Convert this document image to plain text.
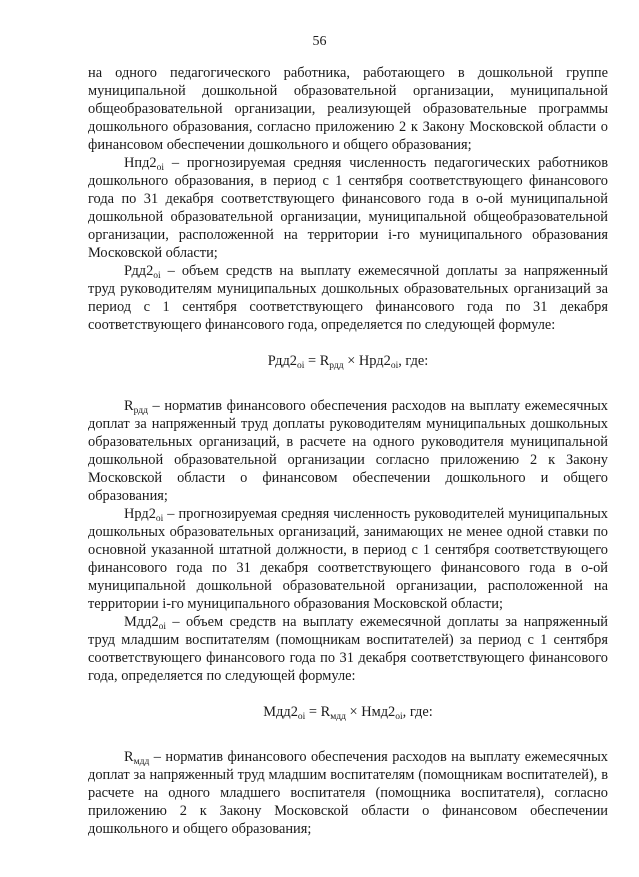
56

на одного педагогического работника, работающего в дошкольной группе муниципальной дошкольной образовательной организации, муниципальной общеобразовательной организации, реализующей образовательные программы дошкольного образования, согласно приложению 2 к Закону Московской области о финансовом обеспечении дошкольного и общего образования;

$Нпд2_{oi}$ – прогнозируемая средняя численность педагогических работников дошкольного образования, в период с 1 сентября соответствующего финансового года по 31 декабря соответствующего финансового года в о-ой муниципальной дошкольной образовательной организации, муниципальной общеобразовательной организации, расположенной на территории i-го муниципального образования Московской области;

$Рдд2_{oi}$ – объем средств на выплату ежемесячной доплаты за напряженный труд руководителям муниципальных дошкольных образовательных организаций за период с 1 сентября соответствующего финансового года по 31 декабря соответствующего финансового года, определяется по следующей формуле:

$Рдд2_{oi} = R_{рдд} \times Нрд2_{oi}$, где:

$R_{рдд}$ – норматив финансового обеспечения расходов на выплату ежемесячных доплат за напряженный труд доплаты руководителям муниципальных дошкольных образовательных организаций, в расчете на одного руководителя муниципальной дошкольной образовательной организации согласно приложению 2 к Закону Московской области о финансовом обеспечении дошкольного и общего образования;

$Нрд2_{oi}$ – прогнозируемая средняя численность руководителей муниципальных дошкольных образовательных организаций, занимающих не менее одной ставки по основной указанной штатной должности, в период с 1 сентября соответствующего финансового года по 31 декабря соответствующего финансового года в о-ой муниципальной дошкольной образовательной организации, расположенной на территории i-го муниципального образования Московской области;

$Мдд2_{oi}$ – объем средств на выплату ежемесячной доплаты за напряженный труд младшим воспитателям (помощникам воспитателей) за период с 1 сентября соответствующего финансового года по 31 декабря соответствующего финансового года, определяется по следующей формуле:

$Мдд2_{oi} = R_{мдд} \times Нмд2_{oi}$, где:

$R_{мдд}$ – норматив финансового обеспечения расходов на выплату ежемесячных доплат за напряженный труд младшим воспитателям (помощникам воспитателей), в расчете на одного младшего воспитателя (помощника воспитателя), согласно приложению 2 к Закону Московской области о финансовом обеспечении дошкольного и общего образования;
